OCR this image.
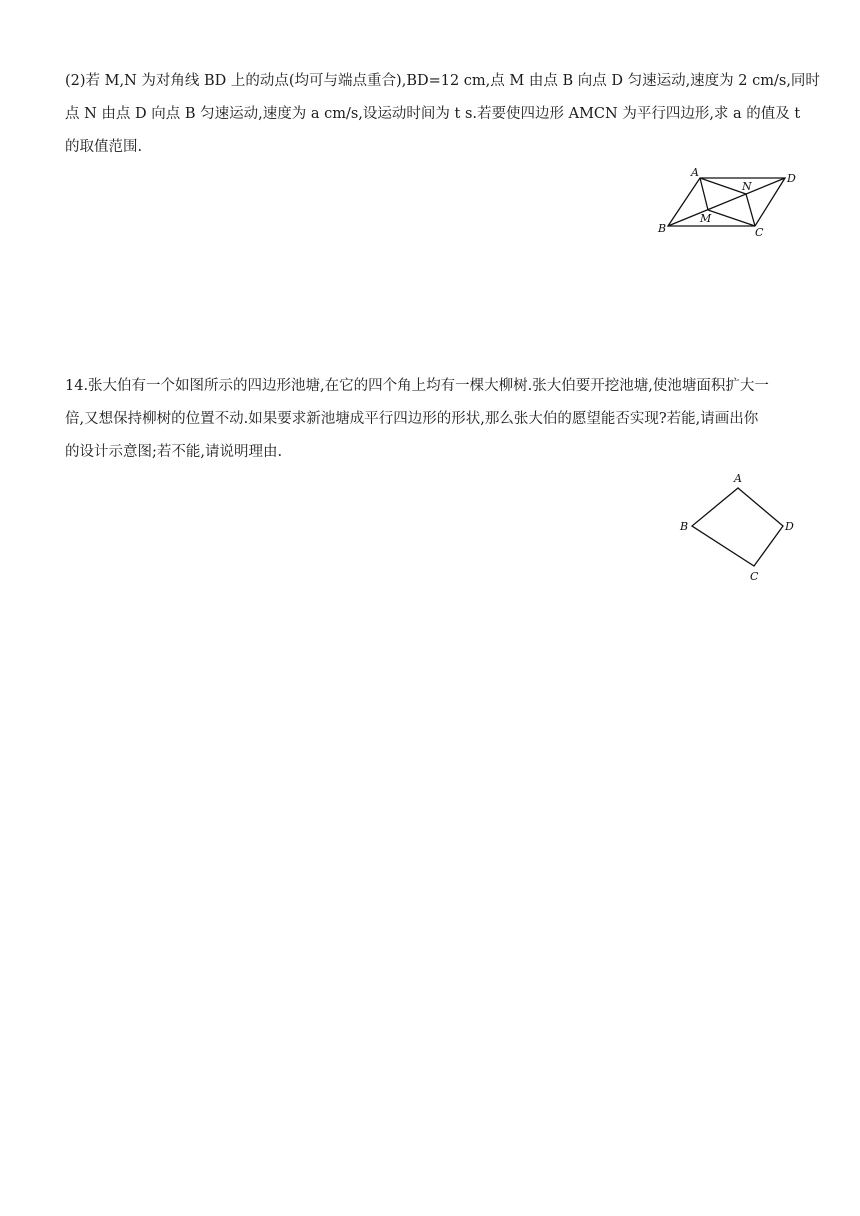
(2)若 M,N 为对角线 BD 上的动点(均可与端点重合),BD=12 cm,点 M 由点 B 向点 D 匀速运动,速度为 2 cm/s,同时
点 N 由点 D 向点 B 匀速运动,速度为 a cm/s,设运动时间为 t s.若要使四边形 AMCN 为平行四边形,求 a 的值及 t
的取值范围.
A	D
B	C
M
N
14.张大伯有一个如图所示的四边形池塘,在它的四个角上均有一棵大柳树.张大伯要开挖池塘,使池塘面积扩大一
倍,又想保持柳树的位置不动.如果要求新池塘成平行四边形的形状,那么张大伯的愿望能否实现?若能,请画出你
的设计示意图;若不能,请说明理由.
A
D
C
B
